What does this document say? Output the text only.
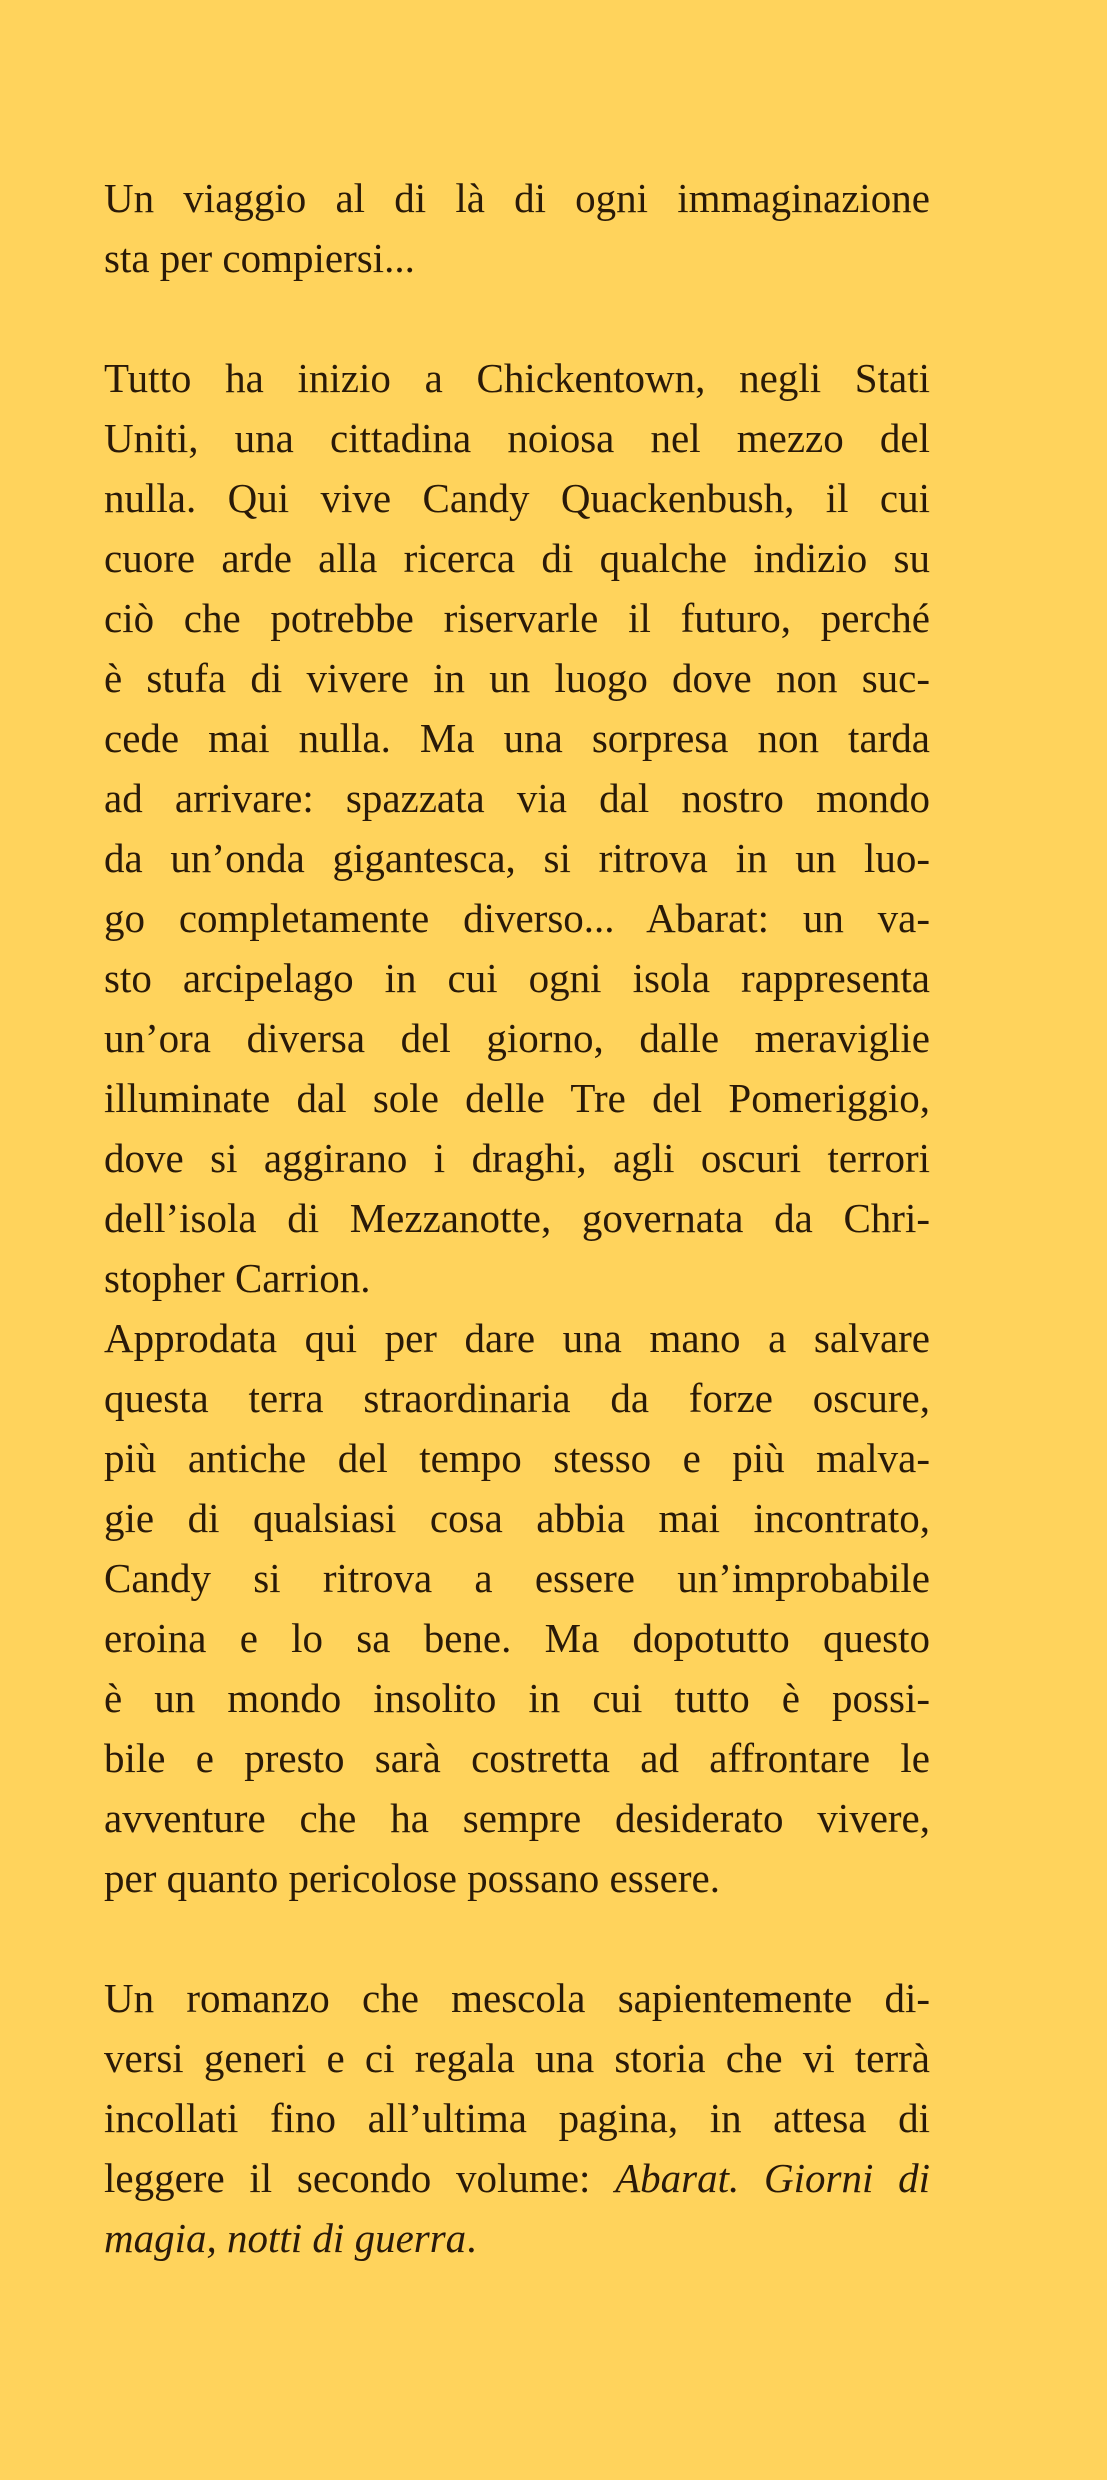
Un viaggio al di là di ogni immaginazione
sta per compiersi...
Tutto ha inizio a Chickentown, negli Stati
Uniti, una cittadina noiosa nel mezzo del
nulla. Qui vive Candy Quackenbush, il cui
cuore arde alla ricerca di qualche indizio su
ciò che potrebbe riservarle il futuro, perché
è stufa di vivere in un luogo dove non suc-
cede mai nulla. Ma una sorpresa non tarda
ad arrivare: spazzata via dal nostro mondo
da un’onda gigantesca, si ritrova in un luo-
go completamente diverso... Abarat: un va-
sto arcipelago in cui ogni isola rappresenta
un’ora diversa del giorno, dalle meraviglie
illuminate dal sole delle Tre del Pomeriggio,
dove si aggirano i draghi, agli oscuri terrori
dell’isola di Mezzanotte, governata da Chri-
stopher Carrion.
Approdata qui per dare una mano a salvare
questa terra straordinaria da forze oscure,
più antiche del tempo stesso e più malva-
gie di qualsiasi cosa abbia mai incontrato,
Candy si ritrova a essere un’improbabile
eroina e lo sa bene. Ma dopotutto questo
è un mondo insolito in cui tutto è possi-
bile e presto sarà costretta ad affrontare le
avventure che ha sempre desiderato vivere,
per quanto pericolose possano essere.
Un romanzo che mescola sapientemente di-
versi generi e ci regala una storia che vi terrà
incollati fino all’ultima pagina, in attesa di
leggere il secondo volume: Abarat. Giorni di
magia, notti di guerra.
